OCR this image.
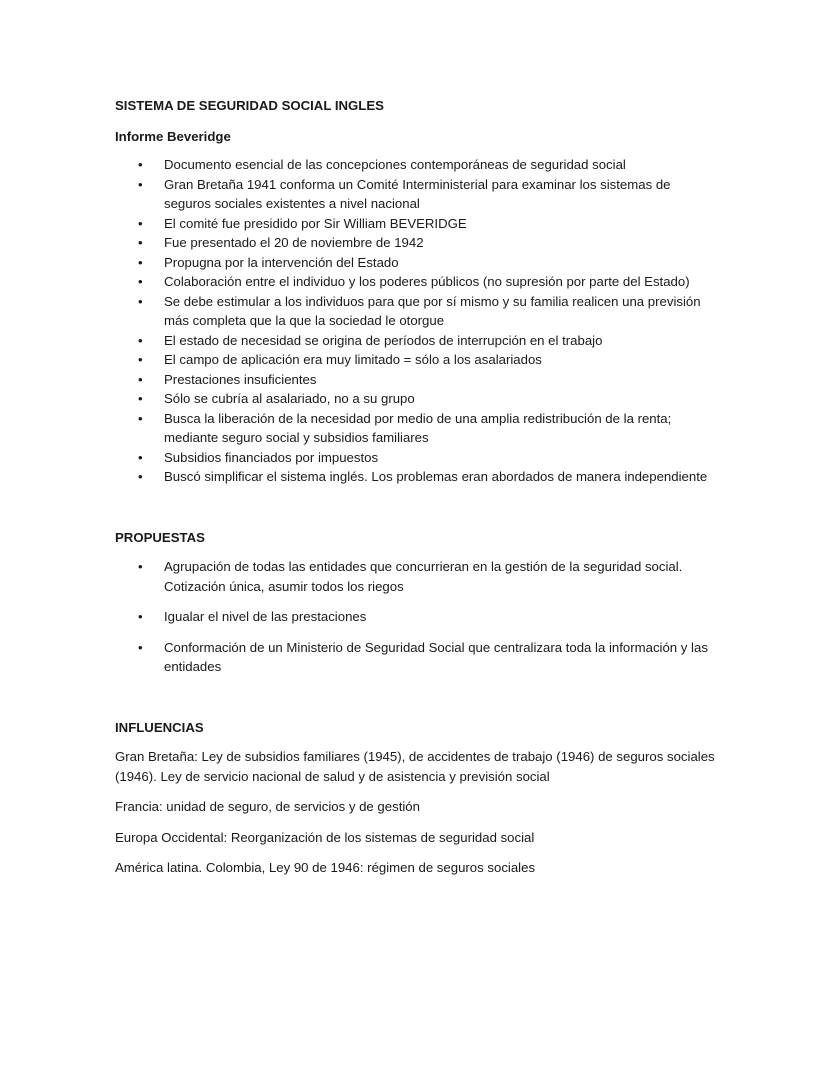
SISTEMA DE SEGURIDAD SOCIAL INGLES
Informe Beveridge
• Documento esencial de las concepciones contemporáneas de seguridad social
• Gran Bretaña 1941 conforma un Comité Interministerial para examinar los sistemas de seguros sociales existentes a nivel nacional
• El comité fue presidido por Sir William BEVERIDGE
• Fue presentado el 20 de noviembre de 1942
• Propugna por la intervención del Estado
• Colaboración entre el individuo y los poderes públicos (no supresión por parte del Estado)
• Se debe estimular a los individuos para que por sí mismo y su familia realicen una previsión más completa que la que la sociedad le otorgue
• El estado de necesidad se origina de períodos de interrupción en el trabajo
• El campo de aplicación era muy limitado = sólo a los asalariados
• Prestaciones insuficientes
• Sólo se cubría al asalariado, no a su grupo
• Busca la liberación de la necesidad por medio de una amplia redistribución de la renta; mediante seguro social y subsidios familiares
• Subsidios financiados por impuestos
• Buscó simplificar el sistema inglés. Los problemas eran abordados de manera independiente
PROPUESTAS
• Agrupación de todas las entidades que concurrieran en la gestión de la seguridad social. Cotización única, asumir todos los riegos
• Igualar el nivel de las prestaciones
• Conformación de un Ministerio de Seguridad Social que centralizara toda la información y las entidades
INFLUENCIAS

Gran Bretaña: Ley de subsidios familiares (1945), de accidentes de trabajo (1946) de seguros sociales (1946). Ley de servicio nacional de salud y de asistencia y previsión social

Francia: unidad de seguro, de servicios y de gestión

Europa Occidental: Reorganización de los sistemas de seguridad social

América latina. Colombia, Ley 90 de 1946: régimen de seguros sociales
